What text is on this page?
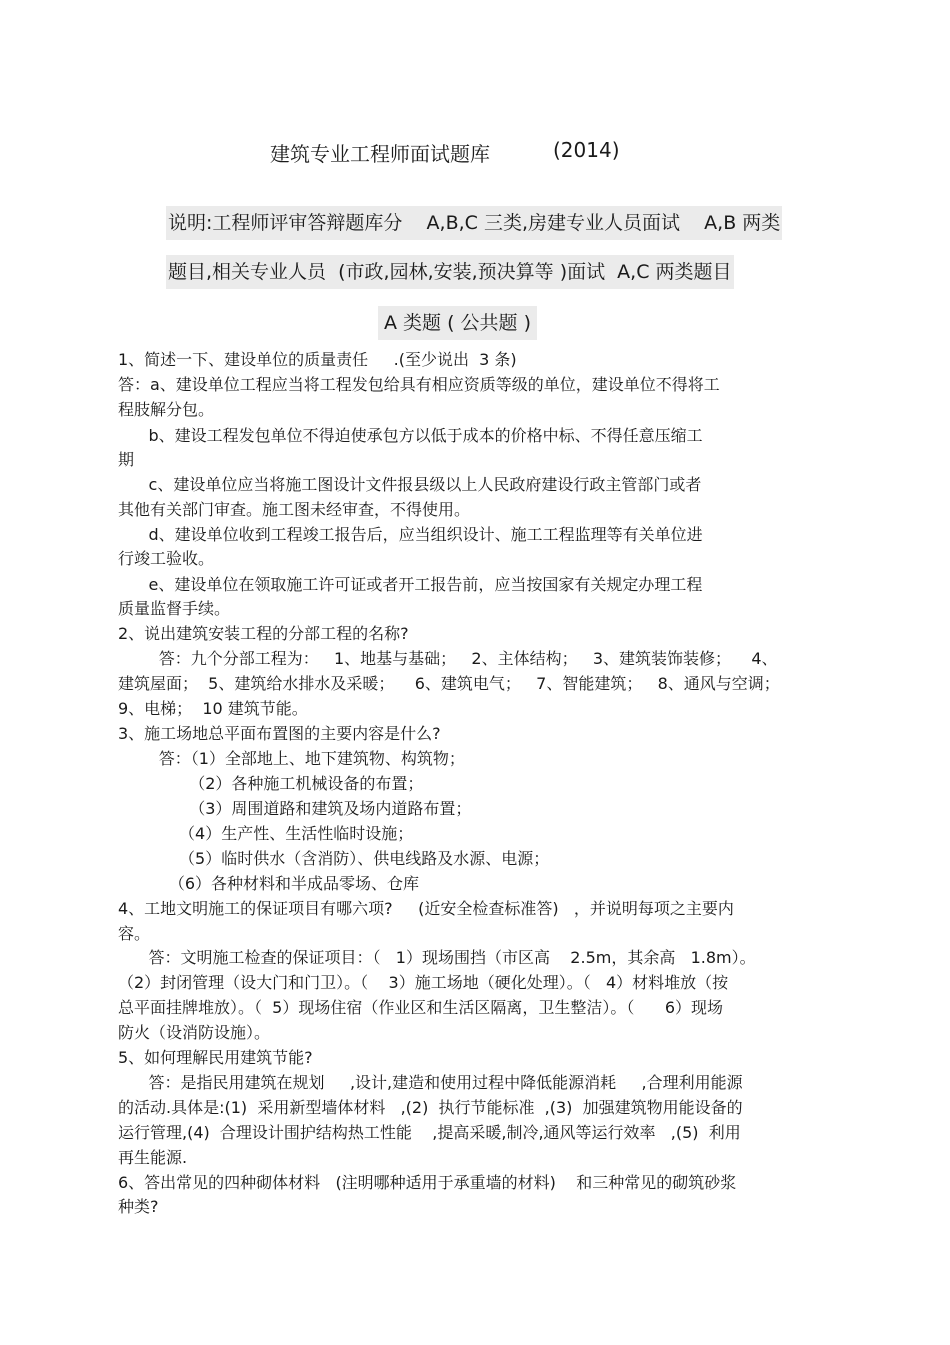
建筑专业工程师面试题库	(2014)
说明:工程师评审答辩题库分    A,B,C 三类,房建专业人员面试    A,B 两类
题目,相关专业人员  (市政,园林,安装,预决算等 )面试  A,C 两类题目
A 类题 ( 公共题 )
1、简述一下、建设单位的质量责任     .(至少说出  3 条)
答：a、建设单位工程应当将工程发包给具有相应资质等级的单位，建设单位不得将工
程肢解分包。
b、建设工程发包单位不得迫使承包方以低于成本的价格中标、不得任意压缩工
期
c、建设单位应当将施工图设计文件报县级以上人民政府建设行政主管部门或者
其他有关部门审查。施工图未经审查，不得使用。
d、建设单位收到工程竣工报告后，应当组织设计、施工工程监理等有关单位进
行竣工验收。
e、建设单位在领取施工许可证或者开工报告前，应当按国家有关规定办理工程
质量监督手续。
2、说出建筑安装工程的分部工程的名称?
答：九个分部工程为：   1、地基与基础；   2、主体结构；   3、建筑装饰装修；    4、
建筑屋面；  5、建筑给水排水及采暖；    6、建筑电气；   7、智能建筑；   8、通风与空调；
9、电梯；  10 建筑节能。
3、施工场地总平面布置图的主要内容是什么?
答：（1）全部地上、地下建筑物、构筑物；
（2）各种施工机械设备的布置；
（3）周围道路和建筑及场内道路布置；
（4）生产性、生活性临时设施；
（5）临时供水（含消防）、供电线路及水源、电源；
（6）各种材料和半成品零场、仓库
4、工地文明施工的保证项目有哪六项?     (近安全检查标准答)   ，并说明每项之主要内
容。
答：文明施工检查的保证项目：（   1）现场围挡（市区高    2.5m，其余高   1.8m）。
（2）封闭管理（设大门和门卫）。（    3）施工场地（硬化处理）。（   4）材料堆放（按
总平面挂牌堆放）。（  5）现场住宿（作业区和生活区隔离，卫生整洁）。（      6）现场
防火（设消防设施）。
5、如何理解民用建筑节能?
答：是指民用建筑在规划     ,设计,建造和使用过程中降低能源消耗     ,合理利用能源
的活动.具体是:(1)  采用新型墙体材料   ,(2)  执行节能标准  ,(3)  加强建筑物用能设备的
运行管理,(4)  合理设计围护结构热工性能    ,提高采暖,制冷,通风等运行效率   ,(5)  利用
再生能源.
6、答出常见的四种砌体材料   (注明哪种适用于承重墙的材料)    和三种常见的砌筑砂浆
种类?
